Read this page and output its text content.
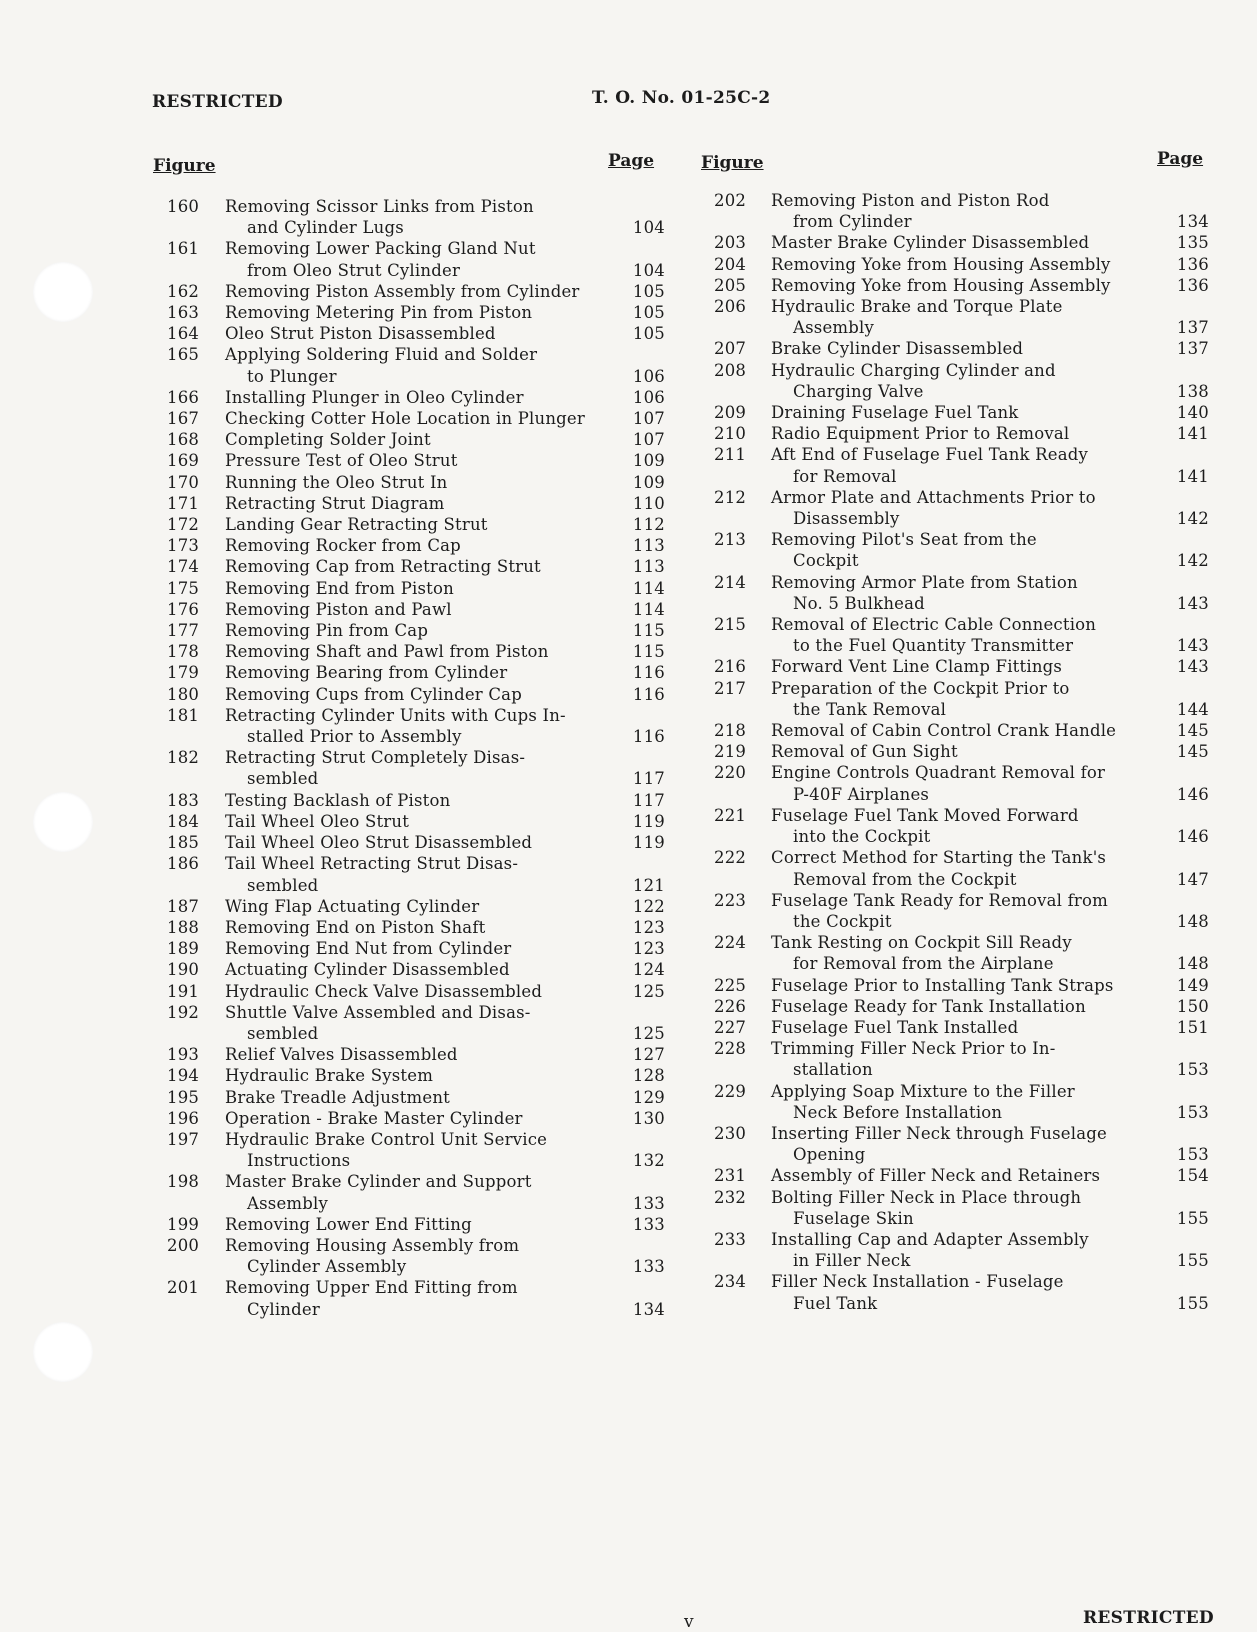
RESTRICTED	T. O. No. 01-25C-2
Figure	Page	Figure	Page
160	Removing Scissor Links from Piston
and Cylinder Lugs	104
161	Removing Lower Packing Gland Nut
from Oleo Strut Cylinder	104
162	Removing Piston Assembly from Cylinder	105
163	Removing Metering Pin from Piston	105
164	Oleo Strut Piston Disassembled	105
165	Applying Soldering Fluid and Solder
to Plunger	106
166	Installing Plunger in Oleo Cylinder	106
167	Checking Cotter Hole Location in Plunger	107
168	Completing Solder Joint	107
169	Pressure Test of Oleo Strut	109
170	Running the Oleo Strut In	109
171	Retracting Strut Diagram	110
172	Landing Gear Retracting Strut	112
173	Removing Rocker from Cap	113
174	Removing Cap from Retracting Strut	113
175	Removing End from Piston	114
176	Removing Piston and Pawl	114
177	Removing Pin from Cap	115
178	Removing Shaft and Pawl from Piston	115
179	Removing Bearing from Cylinder	116
180	Removing Cups from Cylinder Cap	116
181	Retracting Cylinder Units with Cups In-
stalled Prior to Assembly	116
182	Retracting Strut Completely Disas-
sembled	117
183	Testing Backlash of Piston	117
184	Tail Wheel Oleo Strut	119
185	Tail Wheel Oleo Strut Disassembled	119
186	Tail Wheel Retracting Strut Disas-
sembled	121
187	Wing Flap Actuating Cylinder	122
188	Removing End on Piston Shaft	123
189	Removing End Nut from Cylinder	123
190	Actuating Cylinder Disassembled	124
191	Hydraulic Check Valve Disassembled	125
192	Shuttle Valve Assembled and Disas-
sembled	125
193	Relief Valves Disassembled	127
194	Hydraulic Brake System	128
195	Brake Treadle Adjustment	129
196	Operation - Brake Master Cylinder	130
197	Hydraulic Brake Control Unit Service
Instructions	132
198	Master Brake Cylinder and Support
Assembly	133
199	Removing Lower End Fitting	133
200	Removing Housing Assembly from
Cylinder Assembly	133
201	Removing Upper End Fitting from
Cylinder	134
202	Removing Piston and Piston Rod
from Cylinder	134
203	Master Brake Cylinder Disassembled	135
204	Removing Yoke from Housing Assembly	136
205	Removing Yoke from Housing Assembly	136
206	Hydraulic Brake and Torque Plate
Assembly	137
207	Brake Cylinder Disassembled	137
208	Hydraulic Charging Cylinder and
Charging Valve	138
209	Draining Fuselage Fuel Tank	140
210	Radio Equipment Prior to Removal	141
211	Aft End of Fuselage Fuel Tank Ready
for Removal	141
212	Armor Plate and Attachments Prior to
Disassembly	142
213	Removing Pilot's Seat from the
Cockpit	142
214	Removing Armor Plate from Station
No. 5 Bulkhead	143
215	Removal of Electric Cable Connection
to the Fuel Quantity Transmitter	143
216	Forward Vent Line Clamp Fittings	143
217	Preparation of the Cockpit Prior to
the Tank Removal	144
218	Removal of Cabin Control Crank Handle	145
219	Removal of Gun Sight	145
220	Engine Controls Quadrant Removal for
P-40F Airplanes	146
221	Fuselage Fuel Tank Moved Forward
into the Cockpit	146
222	Correct Method for Starting the Tank's
Removal from the Cockpit	147
223	Fuselage Tank Ready for Removal from
the Cockpit	148
224	Tank Resting on Cockpit Sill Ready
for Removal from the Airplane	148
225	Fuselage Prior to Installing Tank Straps	149
226	Fuselage Ready for Tank Installation	150
227	Fuselage Fuel Tank Installed	151
228	Trimming Filler Neck Prior to In-
stallation	153
229	Applying Soap Mixture to the Filler
Neck Before Installation	153
230	Inserting Filler Neck through Fuselage
Opening	153
231	Assembly of Filler Neck and Retainers	154
232	Bolting Filler Neck in Place through
Fuselage Skin	155
233	Installing Cap and Adapter Assembly
in Filler Neck	155
234	Filler Neck Installation - Fuselage
Fuel Tank	155
v	RESTRICTED
